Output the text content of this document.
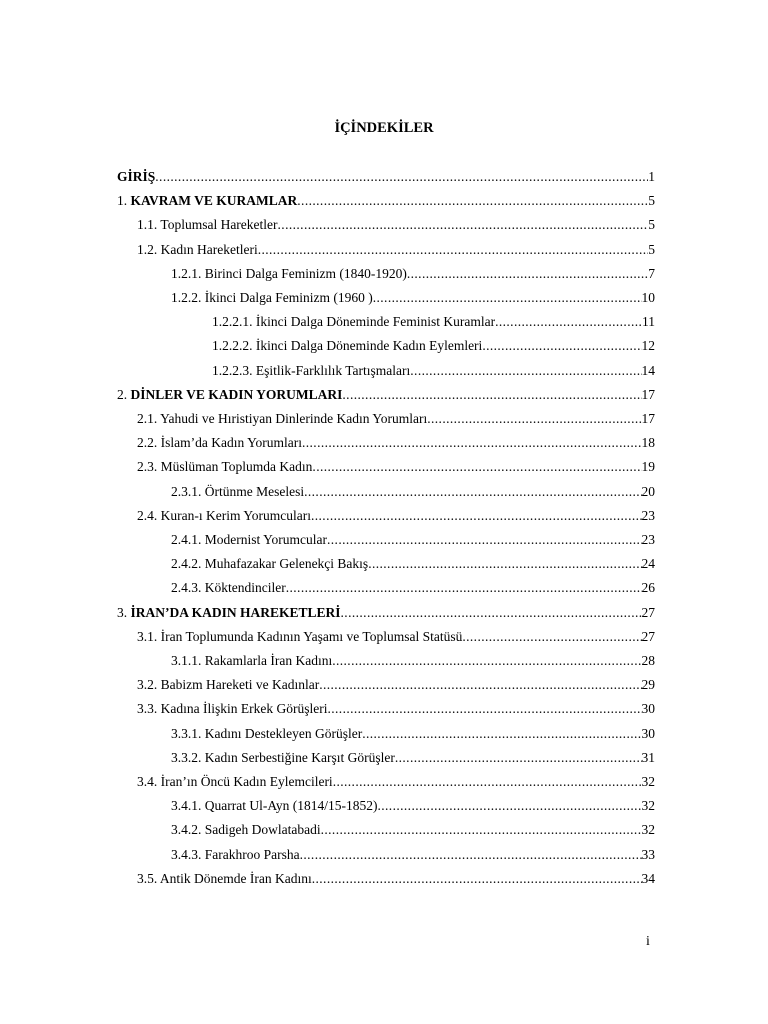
İÇİNDEKİLER
GİRİŞ .....	1
1. KAVRAM VE KURAMLAR .....	5
1.1. Toplumsal Hareketler .....	5
1.2. Kadın Hareketleri .....	5
1.2.1. Birinci Dalga Feminizm (1840-1920) .....	7
1.2.2. İkinci Dalga Feminizm (1960 ) .....	10
1.2.2.1. İkinci Dalga Döneminde Feminist Kuramlar .....	11
1.2.2.2. İkinci Dalga Döneminde Kadın Eylemleri .....	12
1.2.2.3. Eşitlik-Farklılık Tartışmaları .....	14
2. DİNLER VE KADIN YORUMLARI .....	17
2.1. Yahudi ve Hıristiyan Dinlerinde Kadın Yorumları .....	17
2.2. İslam’da Kadın Yorumları .....	18
2.3. Müslüman Toplumda Kadın .....	19
2.3.1. Örtünme Meselesi .....	20
2.4. Kuran-ı Kerim Yorumcuları .....	23
2.4.1. Modernist Yorumcular .....	23
2.4.2. Muhafazakar Gelenekçi Bakış .....	24
2.4.3. Köktendinciler .....	26
3. İRAN’DA KADIN HAREKETLERİ .....	27
3.1. İran Toplumunda Kadının Yaşamı ve Toplumsal Statüsü .....	27
3.1.1. Rakamlarla İran Kadını .....	28
3.2. Babizm Hareketi ve Kadınlar .....	29
3.3. Kadına İlişkin Erkek Görüşleri .....	30
3.3.1. Kadını Destekleyen Görüşler .....	30
3.3.2. Kadın Serbestiğine Karşıt Görüşler .....	31
3.4. İran’ın Öncü Kadın Eylemcileri .....	32
3.4.1. Quarrat Ul-Ayn (1814/15-1852) .....	32
3.4.2. Sadigeh Dowlatabadi .....	32
3.4.3. Farakhroo Parsha .....	33
3.5. Antik Dönemde İran Kadını .....	34
i
